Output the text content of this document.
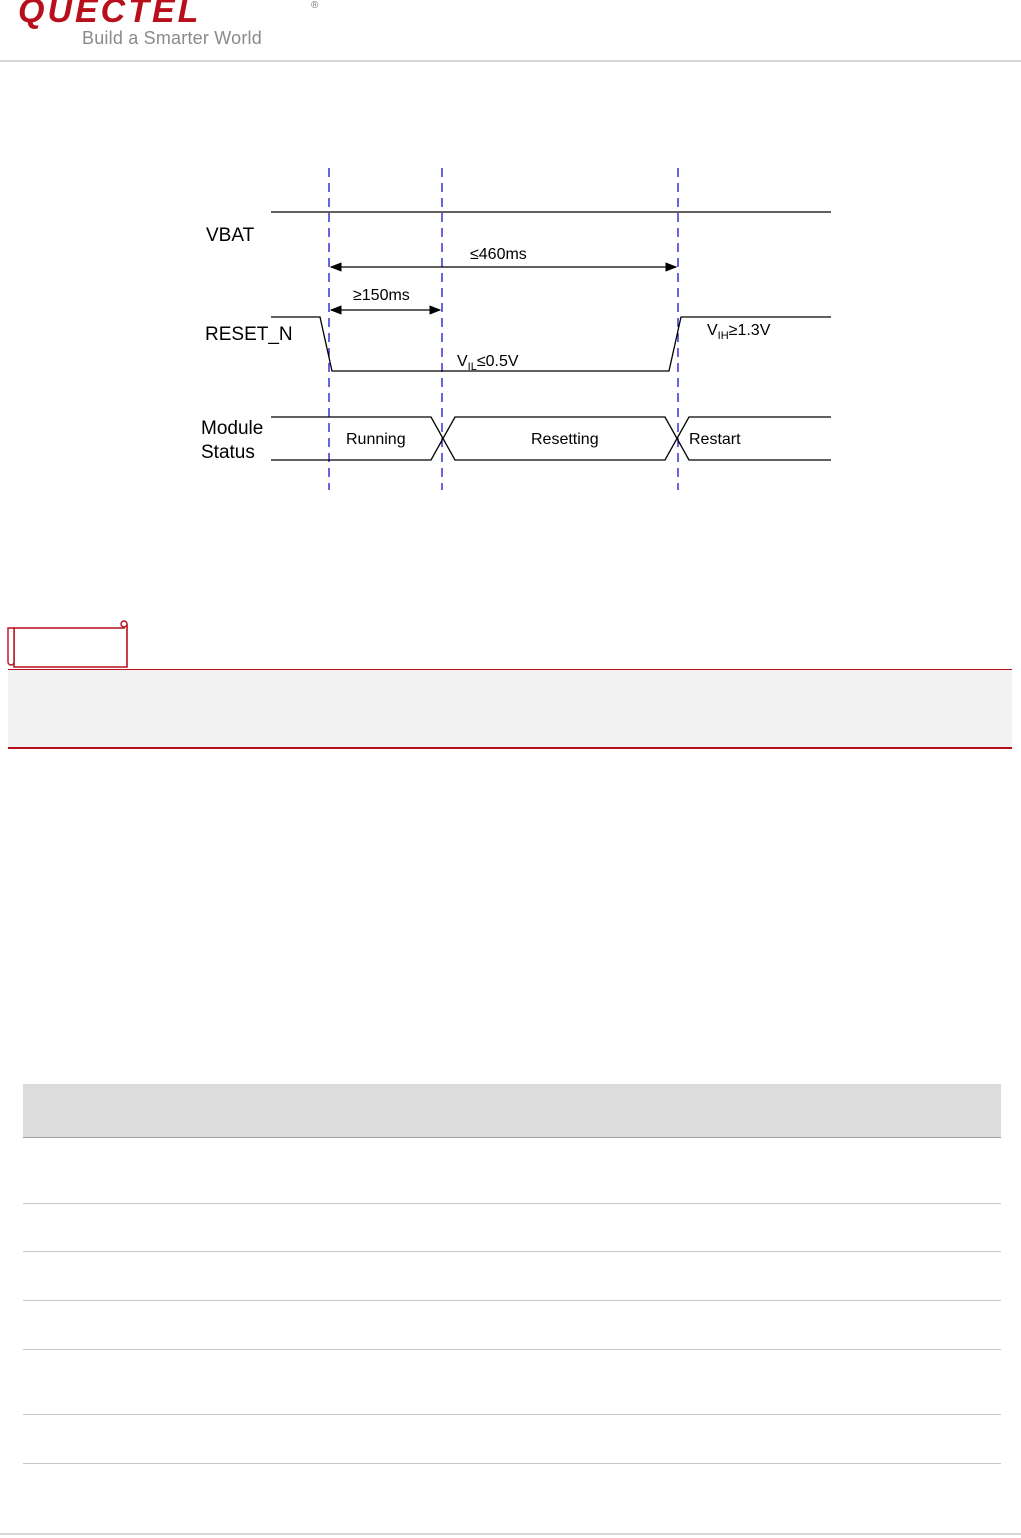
QUECTEL	®
Build a Smarter World
VBAT
≤460ms
≥150ms
RESET_N
$V_{IL}\le 0.5V$
$V_{IH}\ge 1.3V$
Module
Status
Running	Resetting	Restart
